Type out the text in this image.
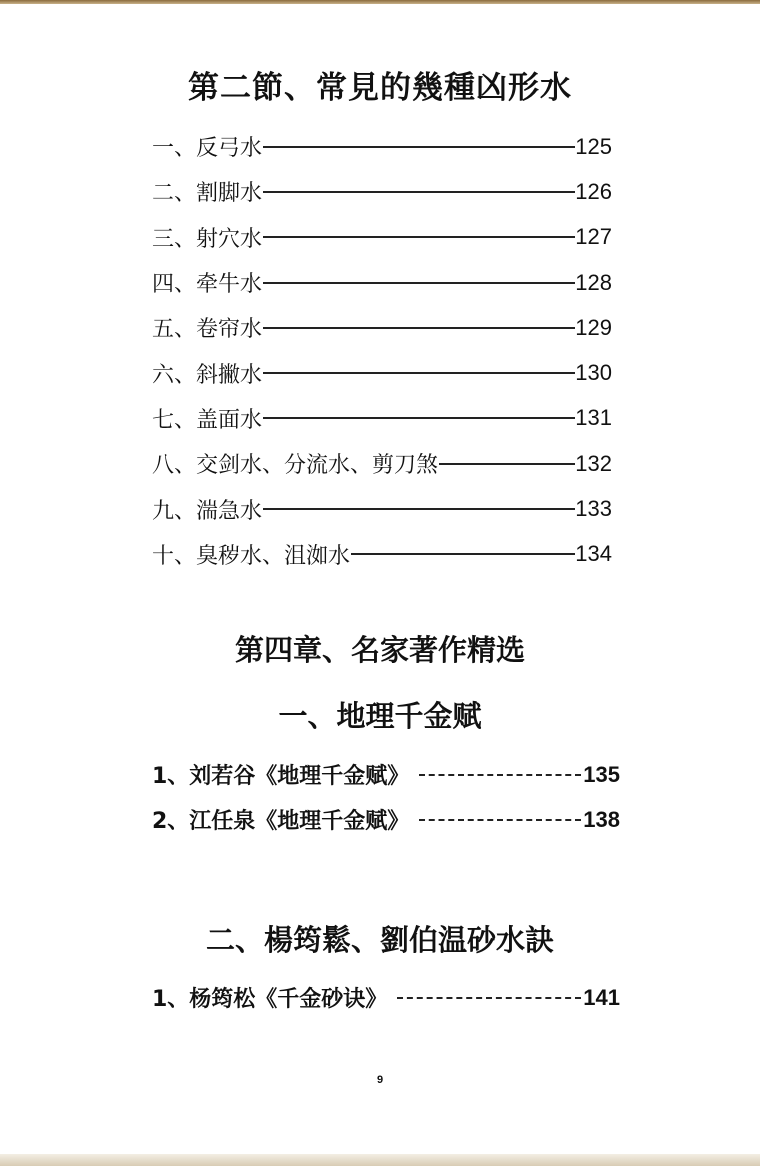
第二節、常見的幾種凶形水
一、反弓水	125
二、割脚水	126
三、射穴水	127
四、牵牛水	128
五、卷帘水	129
六、斜撇水	130
七、盖面水	131
八、交剑水、分流水、剪刀煞	132
九、湍急水	133
十、臭秽水、沮洳水	134
第四章、名家著作精选
一、地理千金赋
1、刘若谷《地理千金赋》	135
2、江任泉《地理千金赋》	138
二、楊筠鬆、劉伯温砂水訣
1、杨筠松《千金砂诀》	141
9
